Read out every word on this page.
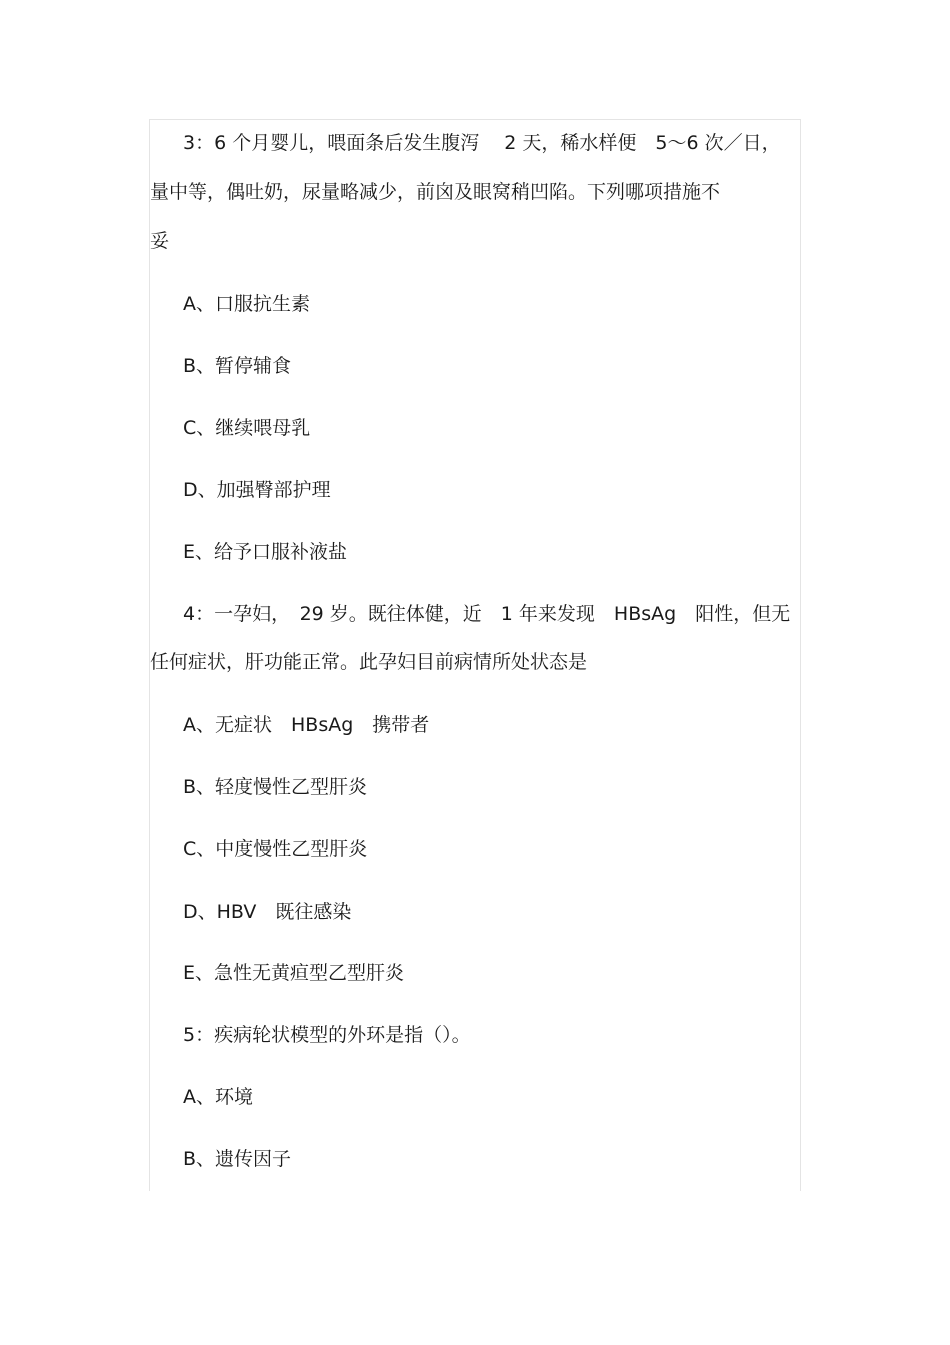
3：6 个月婴儿，喂面条后发生腹泻　 2 天，稀水样便　5～6 次／日，
量中等，偶吐奶，尿量略减少，前囟及眼窝稍凹陷。下列哪项措施不
妥
A、口服抗生素
B、暂停辅食
C、继续喂母乳
D、加强臀部护理
E、给予口服补液盐
4：一孕妇，　29 岁。既往体健，近　1 年来发现　HBsAg　阳性，但无
任何症状，肝功能正常。此孕妇目前病情所处状态是
A、无症状　HBsAg　携带者
B、轻度慢性乙型肝炎
C、中度慢性乙型肝炎
D、HBV　既往感染
E、急性无黄疸型乙型肝炎
5：疾病轮状模型的外环是指（）。
A、环境
B、遗传因子
